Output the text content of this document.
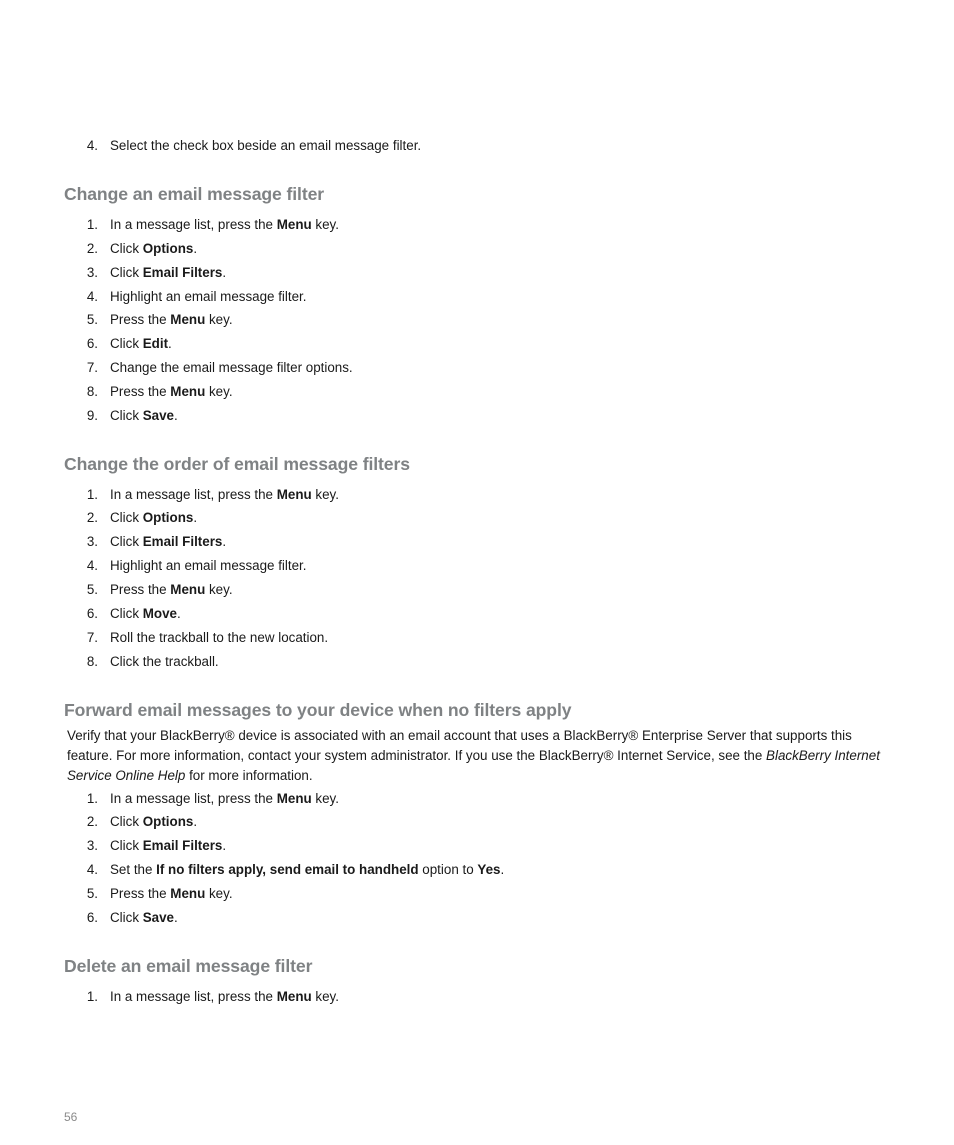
4. Select the check box beside an email message filter.
Change an email message filter
1. In a message list, press the Menu key.
2. Click Options.
3. Click Email Filters.
4. Highlight an email message filter.
5. Press the Menu key.
6. Click Edit.
7. Change the email message filter options.
8. Press the Menu key.
9. Click Save.
Change the order of email message filters
1. In a message list, press the Menu key.
2. Click Options.
3. Click Email Filters.
4. Highlight an email message filter.
5. Press the Menu key.
6. Click Move.
7. Roll the trackball to the new location.
8. Click the trackball.
Forward email messages to your device when no filters apply
Verify that your BlackBerry® device is associated with an email account that uses a BlackBerry® Enterprise Server that supports this
feature. For more information, contact your system administrator. If you use the BlackBerry® Internet Service, see the BlackBerry Internet
Service Online Help for more information.
1. In a message list, press the Menu key.
2. Click Options.
3. Click Email Filters.
4. Set the If no filters apply, send email to handheld option to Yes.
5. Press the Menu key.
6. Click Save.
Delete an email message filter
1. In a message list, press the Menu key.
56
